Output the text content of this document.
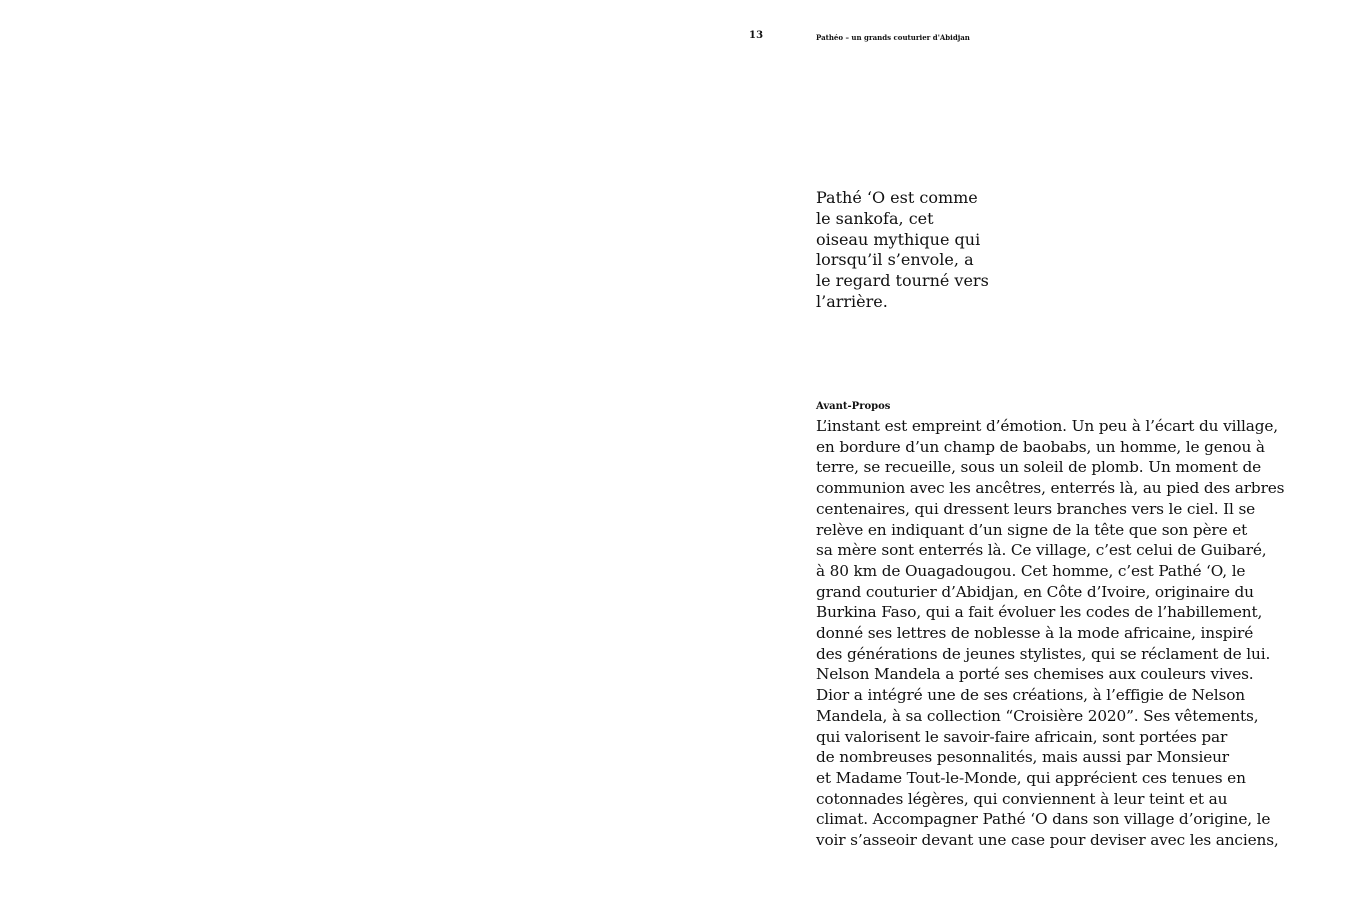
13	Pathéo – un grands couturier d'Abidjan
Pathé ‘O est comme
le sankofa, cet
oiseau mythique qui
lorsqu’il s’envole, a
le regard tourné vers
l’arrière.
Avant-Propos
L’instant est empreint d’émotion. Un peu à l’écart du village,
en bordure d’un champ de baobabs, un homme, le genou à
terre, se recueille, sous un soleil de plomb. Un moment de
communion avec les ancêtres, enterrés là, au pied des arbres
centenaires, qui dressent leurs branches vers le ciel. Il se
relève en indiquant d’un signe de la tête que son père et
sa mère sont enterrés là. Ce village, c’est celui de Guibaré,
à 80 km de Ouagadougou. Cet homme, c’est Pathé ‘O, le
grand couturier d’Abidjan, en Côte d’Ivoire, originaire du
Burkina Faso, qui a fait évoluer les codes de l’habillement,
donné ses lettres de noblesse à la mode africaine, inspiré
des générations de jeunes stylistes, qui se réclament de lui.
Nelson Mandela a porté ses chemises aux couleurs vives.
Dior a intégré une de ses créations, à l’effigie de Nelson
Mandela, à sa collection “Croisière 2020”. Ses vêtements,
qui valorisent le savoir-faire africain, sont portées par
de nombreuses pesonnalités, mais aussi par Monsieur
et Madame Tout-le-Monde, qui apprécient ces tenues en
cotonnades légères, qui conviennent à leur teint et au
climat. Accompagner Pathé ‘O dans son village d’origine, le
voir s’asseoir devant une case pour deviser avec les anciens,
